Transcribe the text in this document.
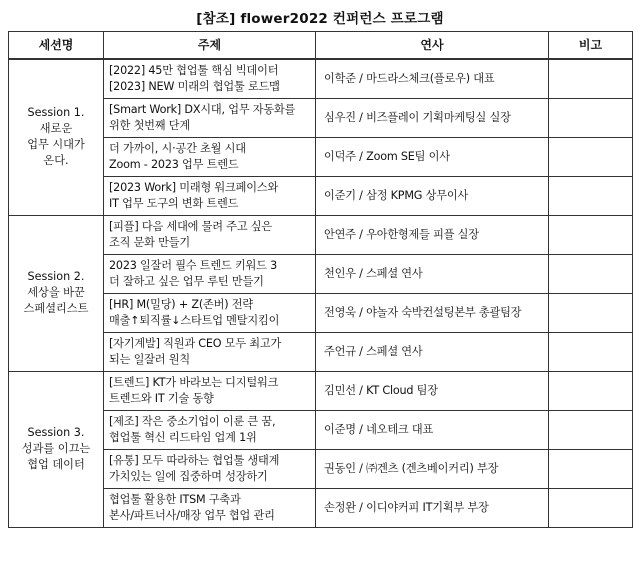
[참조] flower2022 컨퍼런스 프로그램
세션명	주제	연사	비고

Session 1.
새로운
업무 시대가
온다.	[2022] 45만 협업툴 핵심 빅데이터
[2023] NEW 미래의 협업툴 로드맵	이학준 / 마드라스체크(플로우) 대표	

	[Smart Work] DX시대, 업무 자동화를
위한 첫번째 단계	심우진 / 비즈플레이 기획마케팅실 실장	

	더 가까이, 시·공간 초월 시대
Zoom - 2023 업무 트렌드	이덕주 / Zoom SE팀 이사	

	[2023 Work] 미래형 워크페이스와
IT 업무 도구의 변화 트렌드	이준기 / 삼정 KPMG 상무이사	

Session 2.
세상을 바꾼
스페셜리스트	[피플] 다음 세대에 물려 주고 싶은
조직 문화 만들기	안연주 / 우아한형제들 피플 실장	

	2023 일잘러 필수 트렌드 키워드 3
더 잘하고 싶은 업무 루틴 만들기	천인우 / 스페셜 연사	

	[HR] M(밀당) + Z(존버) 전략
매출↑퇴직률↓스타트업 멘탈지킴이	전영욱 / 야놀자 숙박컨설팅본부 총괄팀장	

	[자기계발] 직원과 CEO 모두 최고가
되는 일잘러 원칙	주언규 / 스페셜 연사	

Session 3.
성과를 이끄는
협업 데이터	[트렌드] KT가 바라보는 디지털워크
트렌드와 IT 기술 동향	김민선 / KT Cloud 팀장	

	[제조] 작은 중소기업이 이룬 큰 꿈,
협업툴 혁신 리드타임 업계 1위	이준명 / 네오테크 대표	

	[유통] 모두 따라하는 협업툴 생태계
가치있는 일에 집중하며 성장하기	권동인 / ㈜겐츠 (겐츠베이커리) 부장	

	협업툴 활용한 ITSM 구축과
본사/파트너사/매장 업무 협업 관리	손정완 / 이디야커피 IT기획부 부장	
